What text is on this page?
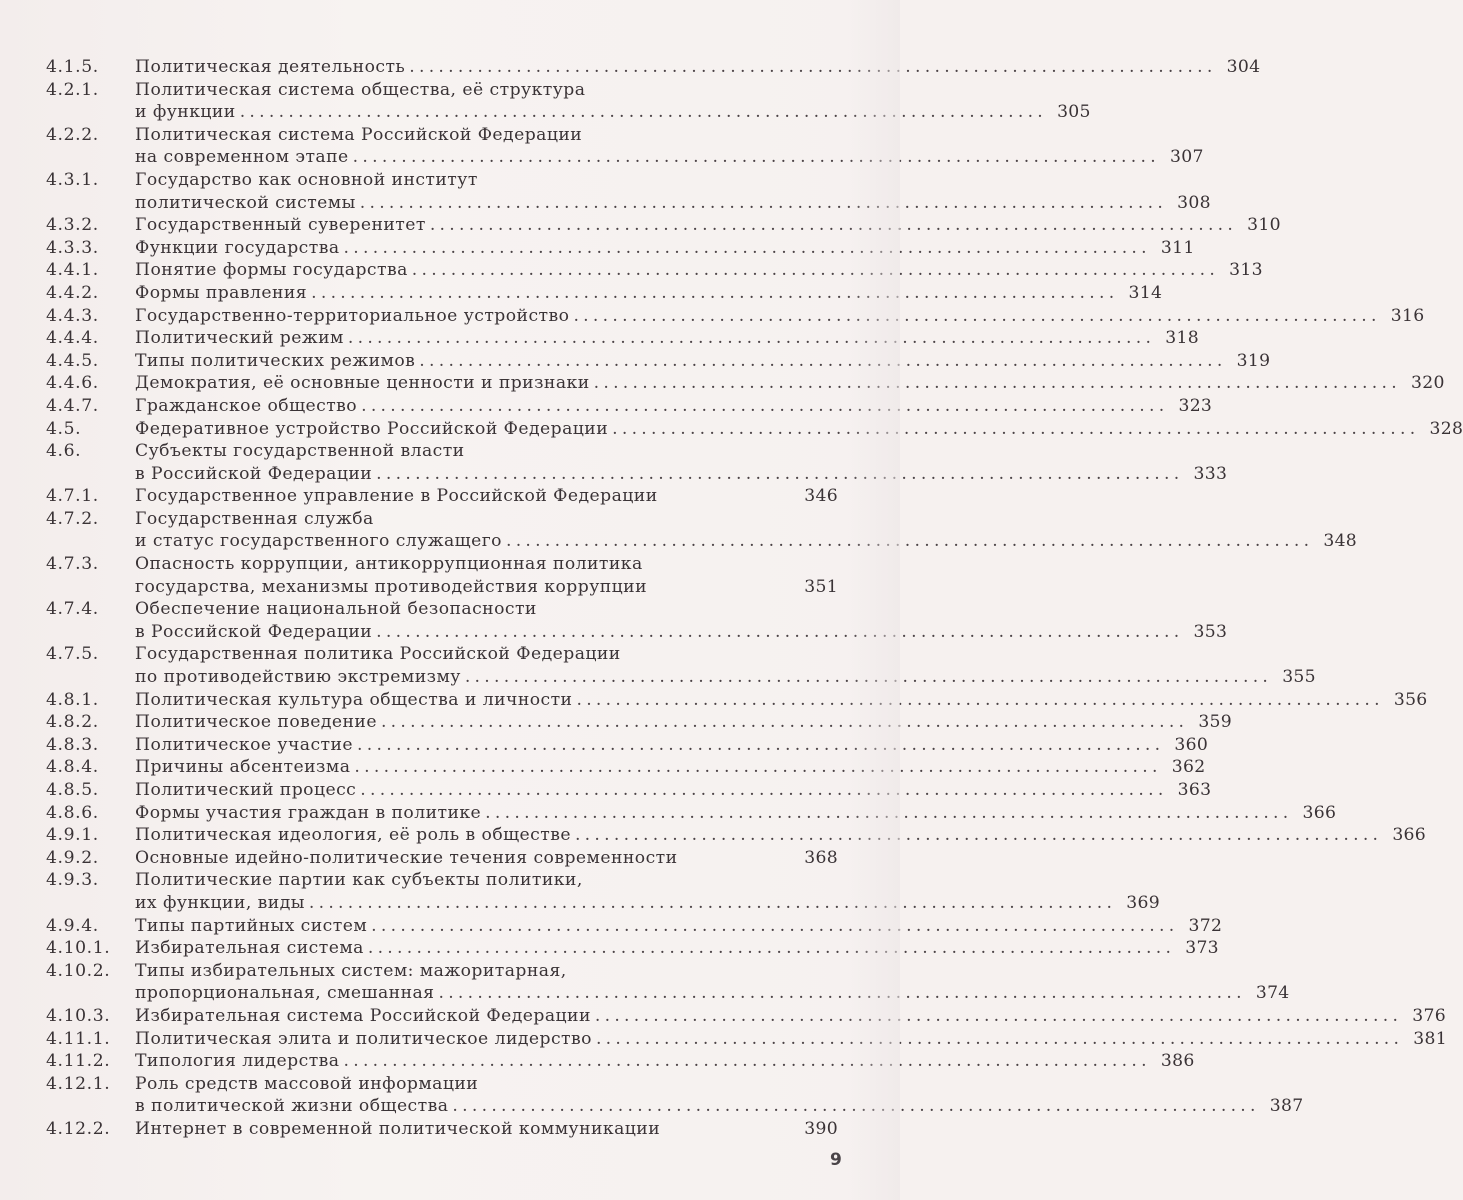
4.1.5.	Политическая деятельность . . .	304
4.2.1.	Политическая система общества, её структура
и функции . . .	305
4.2.2.	Политическая система Российской Федерации
на современном этапе . . .	307
4.3.1.	Государство как основной институт
политической системы . . .	308
4.3.2.	Государственный суверенитет . . .	310
4.3.3.	Функции государства . . .	311
4.4.1.	Понятие формы государства . . .	313
4.4.2.	Формы правления . . .	314
4.4.3.	Государственно-территориальное устройство . . .	316
4.4.4.	Политический режим . . .	318
4.4.5.	Типы политических режимов . . .	319
4.4.6.	Демократия, её основные ценности и признаки . . .	320
4.4.7.	Гражданское общество . . .	323
4.5.	Федеративное устройство Российской Федерации . . .	328
4.6.	Субъекты государственной власти
в Российской Федерации . . .	333
4.7.1.	Государственное управление в Российской Федерации	346
4.7.2.	Государственная служба
и статус государственного служащего . . .	348
4.7.3.	Опасность коррупции, антикоррупционная политика
государства, механизмы противодействия коррупции	351
4.7.4.	Обеспечение национальной безопасности
в Российской Федерации . . .	353
4.7.5.	Государственная политика Российской Федерации
по противодействию экстремизму . . .	355
4.8.1.	Политическая культура общества и личности . . .	356
4.8.2.	Политическое поведение . . .	359
4.8.3.	Политическое участие . . .	360
4.8.4.	Причины абсентеизма . . .	362
4.8.5.	Политический процесс . . .	363
4.8.6.	Формы участия граждан в политике . . .	366
4.9.1.	Политическая идеология, её роль в обществе . . .	366
4.9.2.	Основные идейно-политические течения современности	368
4.9.3.	Политические партии как субъекты политики,
их функции, виды . . .	369
4.9.4.	Типы партийных систем . . .	372
4.10.1.	Избирательная система . . .	373
4.10.2.	Типы избирательных систем: мажоритарная,
пропорциональная, смешанная . . .	374
4.10.3.	Избирательная система Российской Федерации . . .	376
4.11.1.	Политическая элита и политическое лидерство . . .	381
4.11.2.	Типология лидерства . . .	386
4.12.1.	Роль средств массовой информации
в политической жизни общества . . .	387
4.12.2.	Интернет в современной политической коммуникации	390
9
